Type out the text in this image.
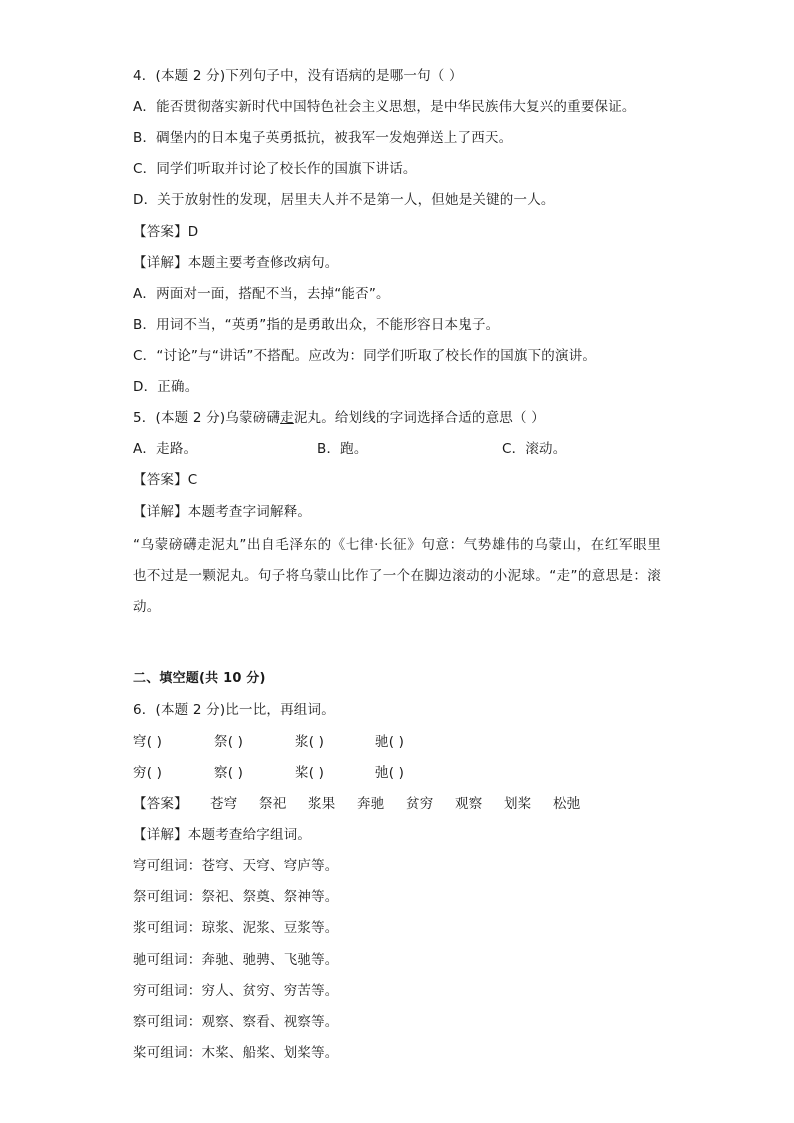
4．(本题 2 分)下列句子中，没有语病的是哪一句（ ）
A．能否贯彻落实新时代中国特色社会主义思想，是中华民族伟大复兴的重要保证。
B．碉堡内的日本鬼子英勇抵抗，被我军一发炮弹送上了西天。
C．同学们听取并讨论了校长作的国旗下讲话。
D．关于放射性的发现，居里夫人并不是第一人，但她是关键的一人。
【答案】D
【详解】本题主要考查修改病句。
A．两面对一面，搭配不当，去掉“能否”。
B．用词不当，“英勇”指的是勇敢出众，不能形容日本鬼子。
C．“讨论”与“讲话”不搭配。应改为：同学们听取了校长作的国旗下的演讲。
D．正确。
5．(本题 2 分)乌蒙磅礴走泥丸。给划线的字词选择合适的意思（ ）
A．走路。	B．跑。	C．滚动。
【答案】C
【详解】本题考查字词解释。
“乌蒙磅礴走泥丸”出自毛泽东的《七律·长征》句意：气势雄伟的乌蒙山，在红军眼里也不过是一颗泥丸。句子将乌蒙山比作了一个在脚边滚动的小泥球。“走”的意思是：滚动。
二、填空题(共 10 分)
6．(本题 2 分)比一比，再组词。
穹( )	祭( )	浆( )	驰( )
穷( )	察( )	桨( )	弛( )
【答案】 苍穹 祭祀 浆果 奔驰 贫穷 观察 划桨 松弛
【详解】本题考查给字组词。
穹可组词：苍穹、天穹、穹庐等。
祭可组词：祭祀、祭奠、祭神等。
浆可组词：琼浆、泥浆、豆浆等。
驰可组词：奔驰、驰骋、飞驰等。
穷可组词：穷人、贫穷、穷苦等。
察可组词：观察、察看、视察等。
桨可组词：木桨、船桨、划桨等。
